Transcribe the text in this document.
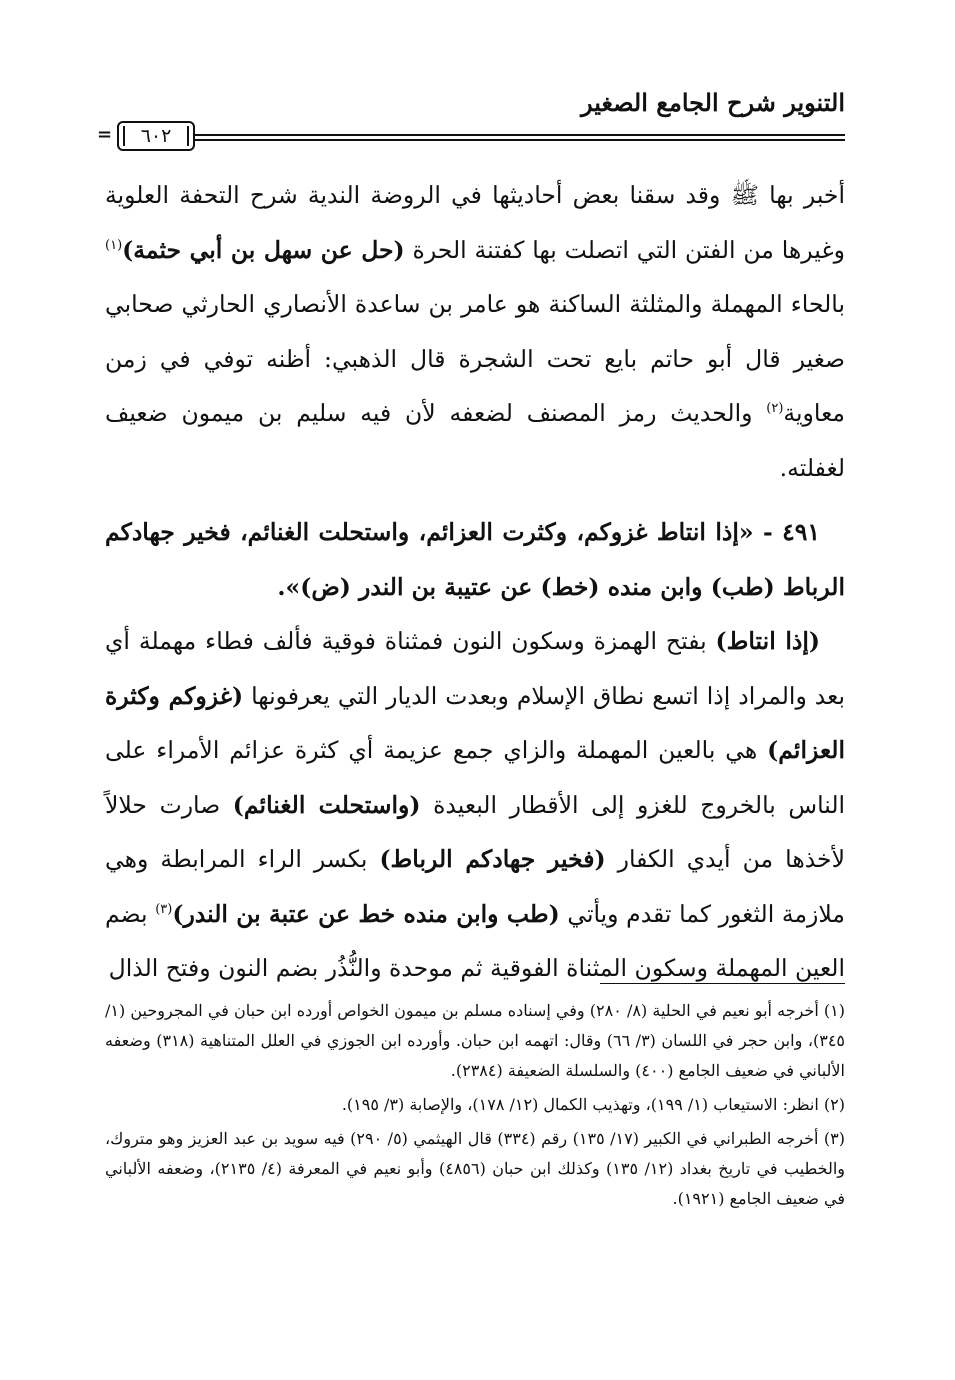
التنوير شرح الجامع الصغير
=	٦٠٢

أخبر بها ﷺ وقد سقنا بعض أحاديثها في الروضة الندية شرح التحفة العلوية وغيرها من الفتن التي اتصلت بها كفتنة الحرة (حل عن سهل بن أبي حثمة)$^{(١)}$ بالحاء المهملة والمثلثة الساكنة هو عامر بن ساعدة الأنصاري الحارثي صحابي صغير قال أبو حاتم بايع تحت الشجرة قال الذهبي: أظنه توفي في زمن معاوية$^{(٢)}$ والحديث رمز المصنف لضعفه لأن فيه سليم بن ميمون ضعيف لغفلته.

٤٩١ - «إذا انتاط غزوكم، وكثرت العزائم، واستحلت الغنائم، فخير جهادكم الرباط (طب) وابن منده (خط) عن عتيبة بن الندر (ض)».

(إذا انتاط) بفتح الهمزة وسكون النون فمثناة فوقية فألف فطاء مهملة أي بعد والمراد إذا اتسع نطاق الإسلام وبعدت الديار التي يعرفونها (غزوكم وكثرة العزائم) هي بالعين المهملة والزاي جمع عزيمة أي كثرة عزائم الأمراء على الناس بالخروج للغزو إلى الأقطار البعيدة (واستحلت الغنائم) صارت حلالاً لأخذها من أيدي الكفار (فخير جهادكم الرباط) بكسر الراء المرابطة وهي ملازمة الثغور كما تقدم ويأتي (طب وابن منده خط عن عتبة بن الندر)$^{(٣)}$ بضم العين المهملة وسكون المثناة الفوقية ثم موحدة والنُّذُر بضم النون وفتح الذال

(١) أخرجه أبو نعيم في الحلية (٨/ ٢٨٠) وفي إسناده مسلم بن ميمون الخواص أورده ابن حبان في المجروحين (١/ ٣٤٥)، وابن حجر في اللسان (٣/ ٦٦) وقال: اتهمه ابن حبان. وأورده ابن الجوزي في العلل المتناهية (٣١٨) وضعفه الألباني في ضعيف الجامع (٤٠٠) والسلسلة الضعيفة (٢٣٨٤).

(٢) انظر: الاستيعاب (١/ ١٩٩)، وتهذيب الكمال (١٢/ ١٧٨)، والإصابة (٣/ ١٩٥).

(٣) أخرجه الطبراني في الكبير (١٧/ ١٣٥) رقم (٣٣٤) قال الهيثمي (٥/ ٢٩٠) فيه سويد بن عبد العزيز وهو متروك، والخطيب في تاريخ بغداد (١٢/ ١٣٥) وكذلك ابن حبان (٤٨٥٦) وأبو نعيم في المعرفة (٤/ ٢١٣٥)، وضعفه الألباني في ضعيف الجامع (١٩٢١).
